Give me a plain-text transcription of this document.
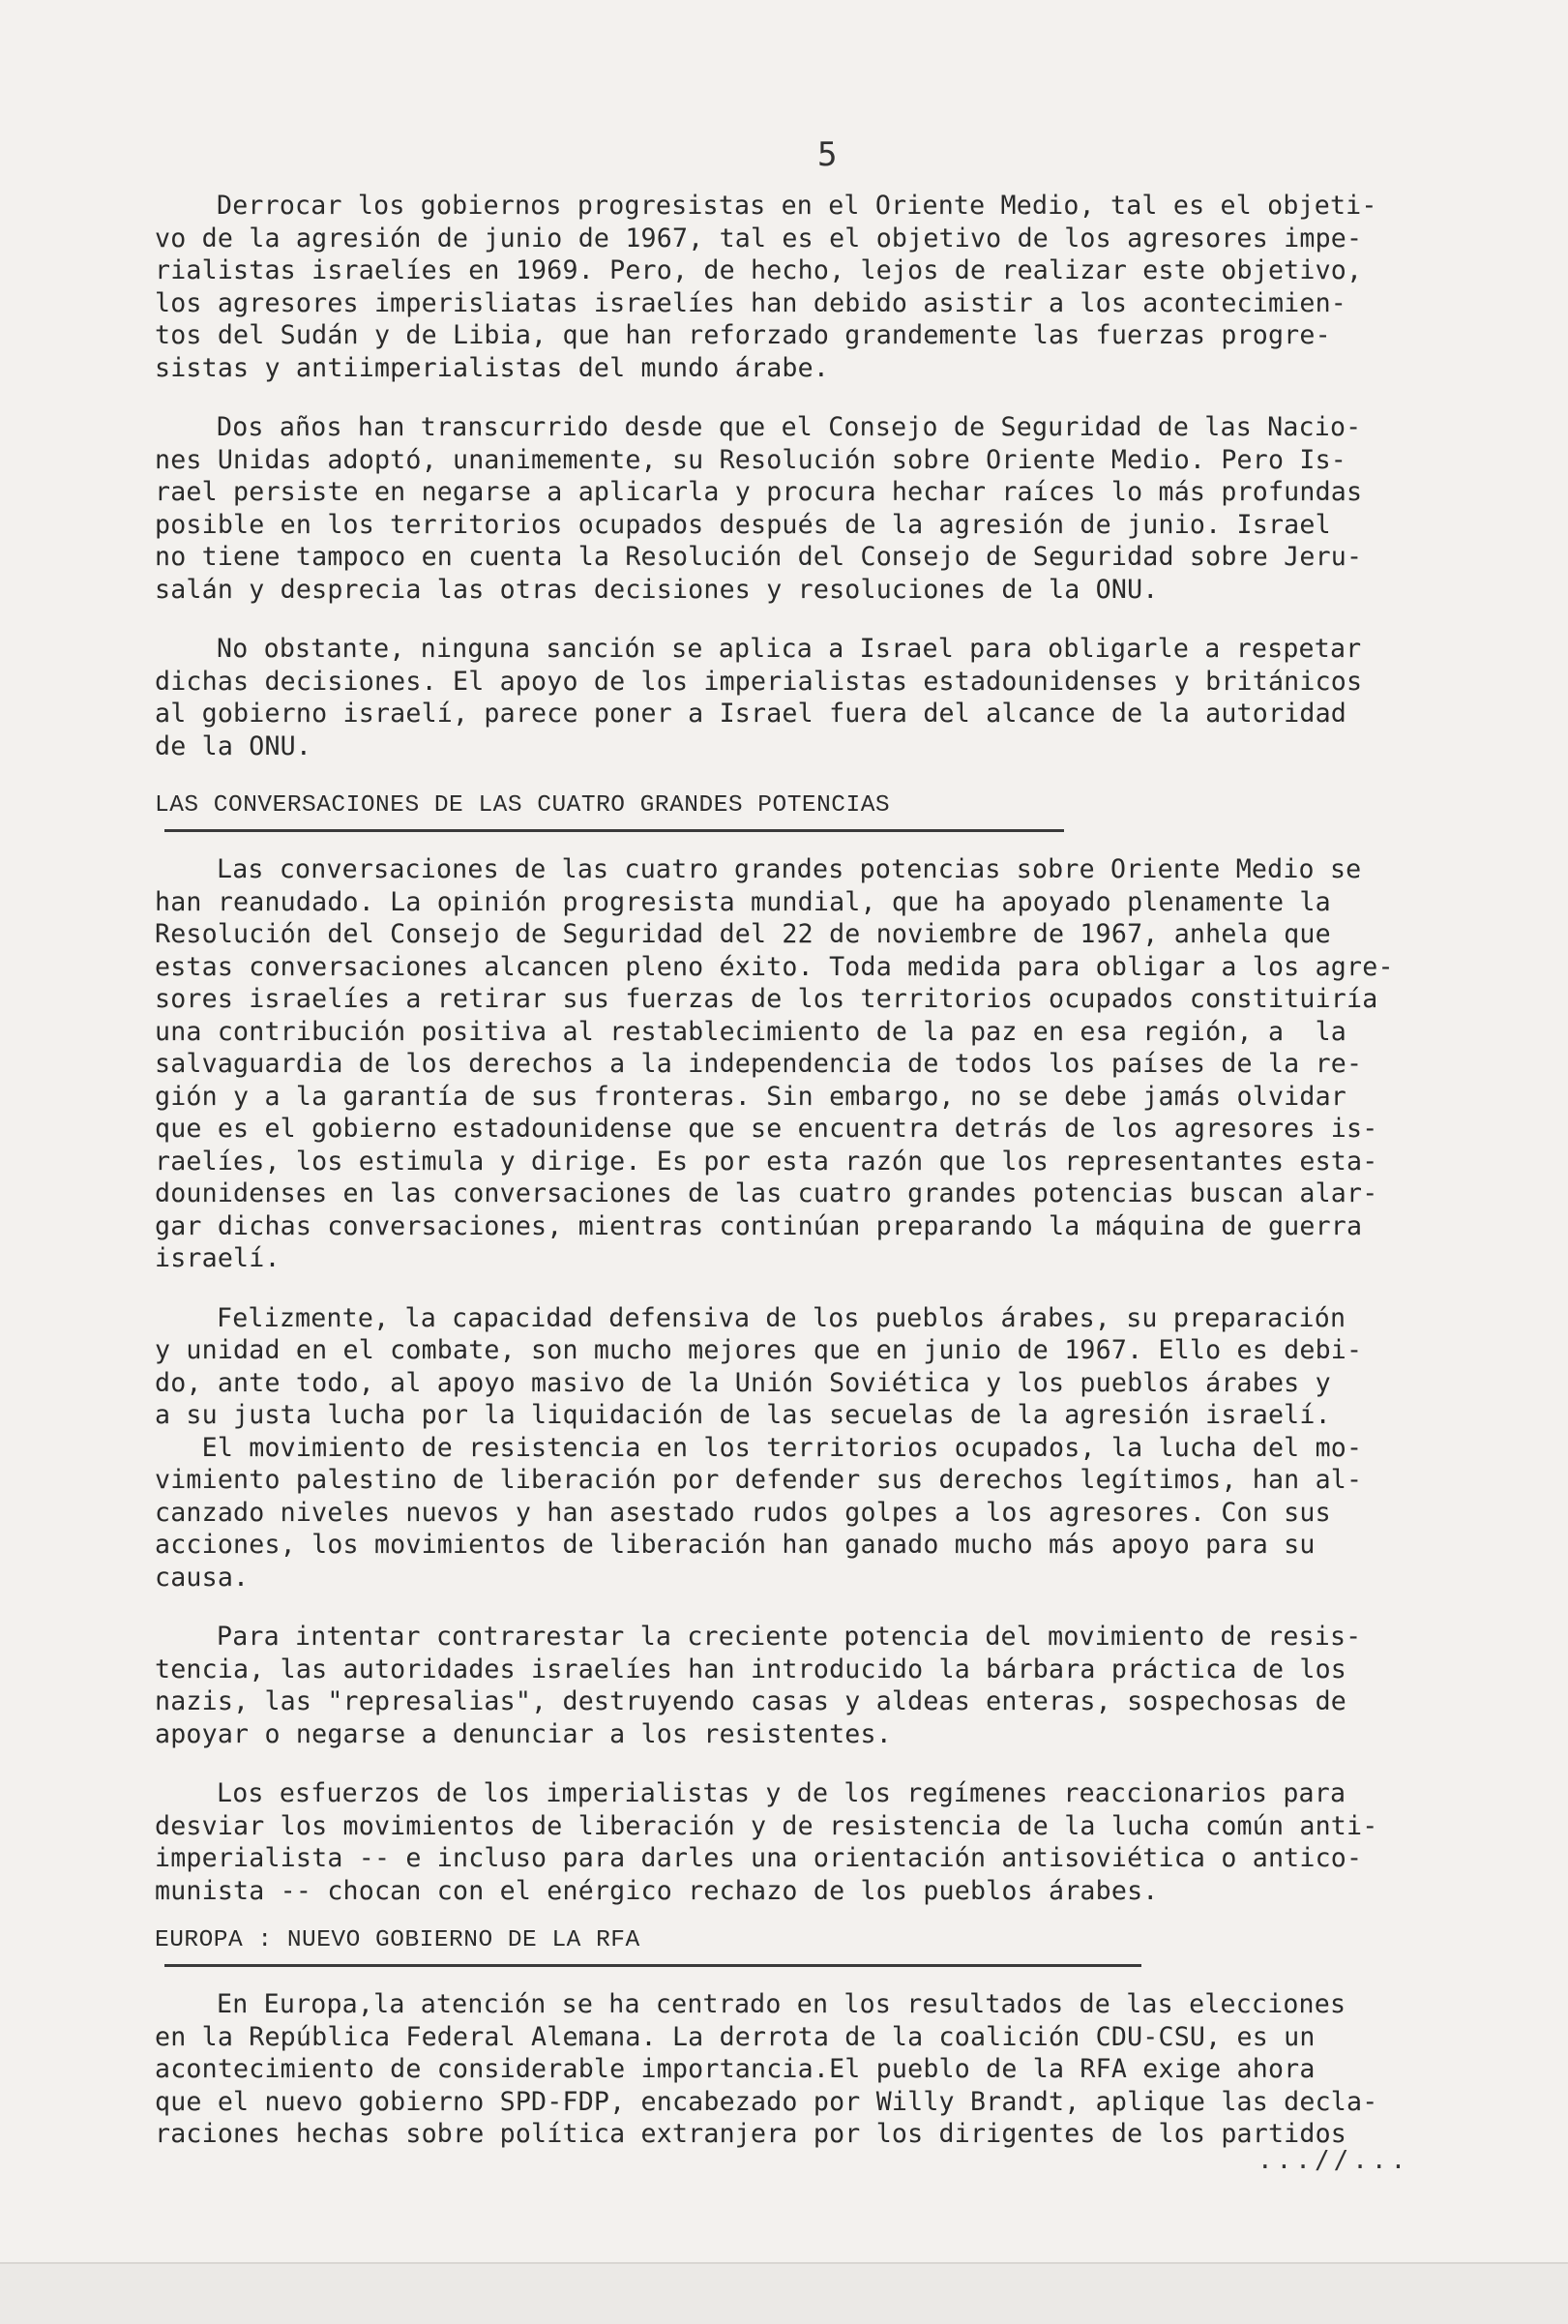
5
Derrocar los gobiernos progresistas en el Oriente Medio, tal es el objeti-
vo de la agresión de junio de 1967, tal es el objetivo de los agresores impe-
rialistas israelíes en 1969. Pero, de hecho, lejos de realizar este objetivo,
los agresores imperisliatas israelíes han debido asistir a los acontecimien-
tos del Sudán y de Libia, que han reforzado grandemente las fuerzas progre-
sistas y antiimperialistas del mundo árabe.
Dos años han transcurrido desde que el Consejo de Seguridad de las Nacio-
nes Unidas adoptó, unanimemente, su Resolución sobre Oriente Medio. Pero Is-
rael persiste en negarse a aplicarla y procura hechar raíces lo más profundas
posible en los territorios ocupados después de la agresión de junio. Israel
no tiene tampoco en cuenta la Resolución del Consejo de Seguridad sobre Jeru-
salán y desprecia las otras decisiones y resoluciones de la ONU.
No obstante, ninguna sanción se aplica a Israel para obligarle a respetar
dichas decisiones. El apoyo de los imperialistas estadounidenses y británicos
al gobierno israelí, parece poner a Israel fuera del alcance de la autoridad
de la ONU.
LAS CONVERSACIONES DE LAS CUATRO GRANDES POTENCIAS
Las conversaciones de las cuatro grandes potencias sobre Oriente Medio se
han reanudado. La opinión progresista mundial, que ha apoyado plenamente la
Resolución del Consejo de Seguridad del 22 de noviembre de 1967, anhela que
estas conversaciones alcancen pleno éxito. Toda medida para obligar a los agre-
sores israelíes a retirar sus fuerzas de los territorios ocupados constituiría
una contribución positiva al restablecimiento de la paz en esa región, a  la
salvaguardia de los derechos a la independencia de todos los países de la re-
gión y a la garantía de sus fronteras. Sin embargo, no se debe jamás olvidar
que es el gobierno estadounidense que se encuentra detrás de los agresores is-
raelíes, los estimula y dirige. Es por esta razón que los representantes esta-
dounidenses en las conversaciones de las cuatro grandes potencias buscan alar-
gar dichas conversaciones, mientras continúan preparando la máquina de guerra
israelí.
Felizmente, la capacidad defensiva de los pueblos árabes, su preparación
y unidad en el combate, son mucho mejores que en junio de 1967. Ello es debi-
do, ante todo, al apoyo masivo de la Unión Soviética y los pueblos árabes y
a su justa lucha por la liquidación de las secuelas de la agresión israelí.
El movimiento de resistencia en los territorios ocupados, la lucha del mo-
vimiento palestino de liberación por defender sus derechos legítimos, han al-
canzado niveles nuevos y han asestado rudos golpes a los agresores. Con sus
acciones, los movimientos de liberación han ganado mucho más apoyo para su
causa.
Para intentar contrarestar la creciente potencia del movimiento de resis-
tencia, las autoridades israelíes han introducido la bárbara práctica de los
nazis, las "represalias", destruyendo casas y aldeas enteras, sospechosas de
apoyar o negarse a denunciar a los resistentes.
Los esfuerzos de los imperialistas y de los regímenes reaccionarios para
desviar los movimientos de liberación y de resistencia de la lucha común anti-
imperialista -- e incluso para darles una orientación antisoviética o antico-
munista -- chocan con el enérgico rechazo de los pueblos árabes.
EUROPA : NUEVO GOBIERNO DE LA RFA
En Europa,la atención se ha centrado en los resultados de las elecciones
en la República Federal Alemana. La derrota de la coalición CDU-CSU, es un
acontecimiento de considerable importancia.El pueblo de la RFA exige ahora
que el nuevo gobierno SPD-FDP, encabezado por Willy Brandt, aplique las decla-
raciones hechas sobre política extranjera por los dirigentes de los partidos
...//...
